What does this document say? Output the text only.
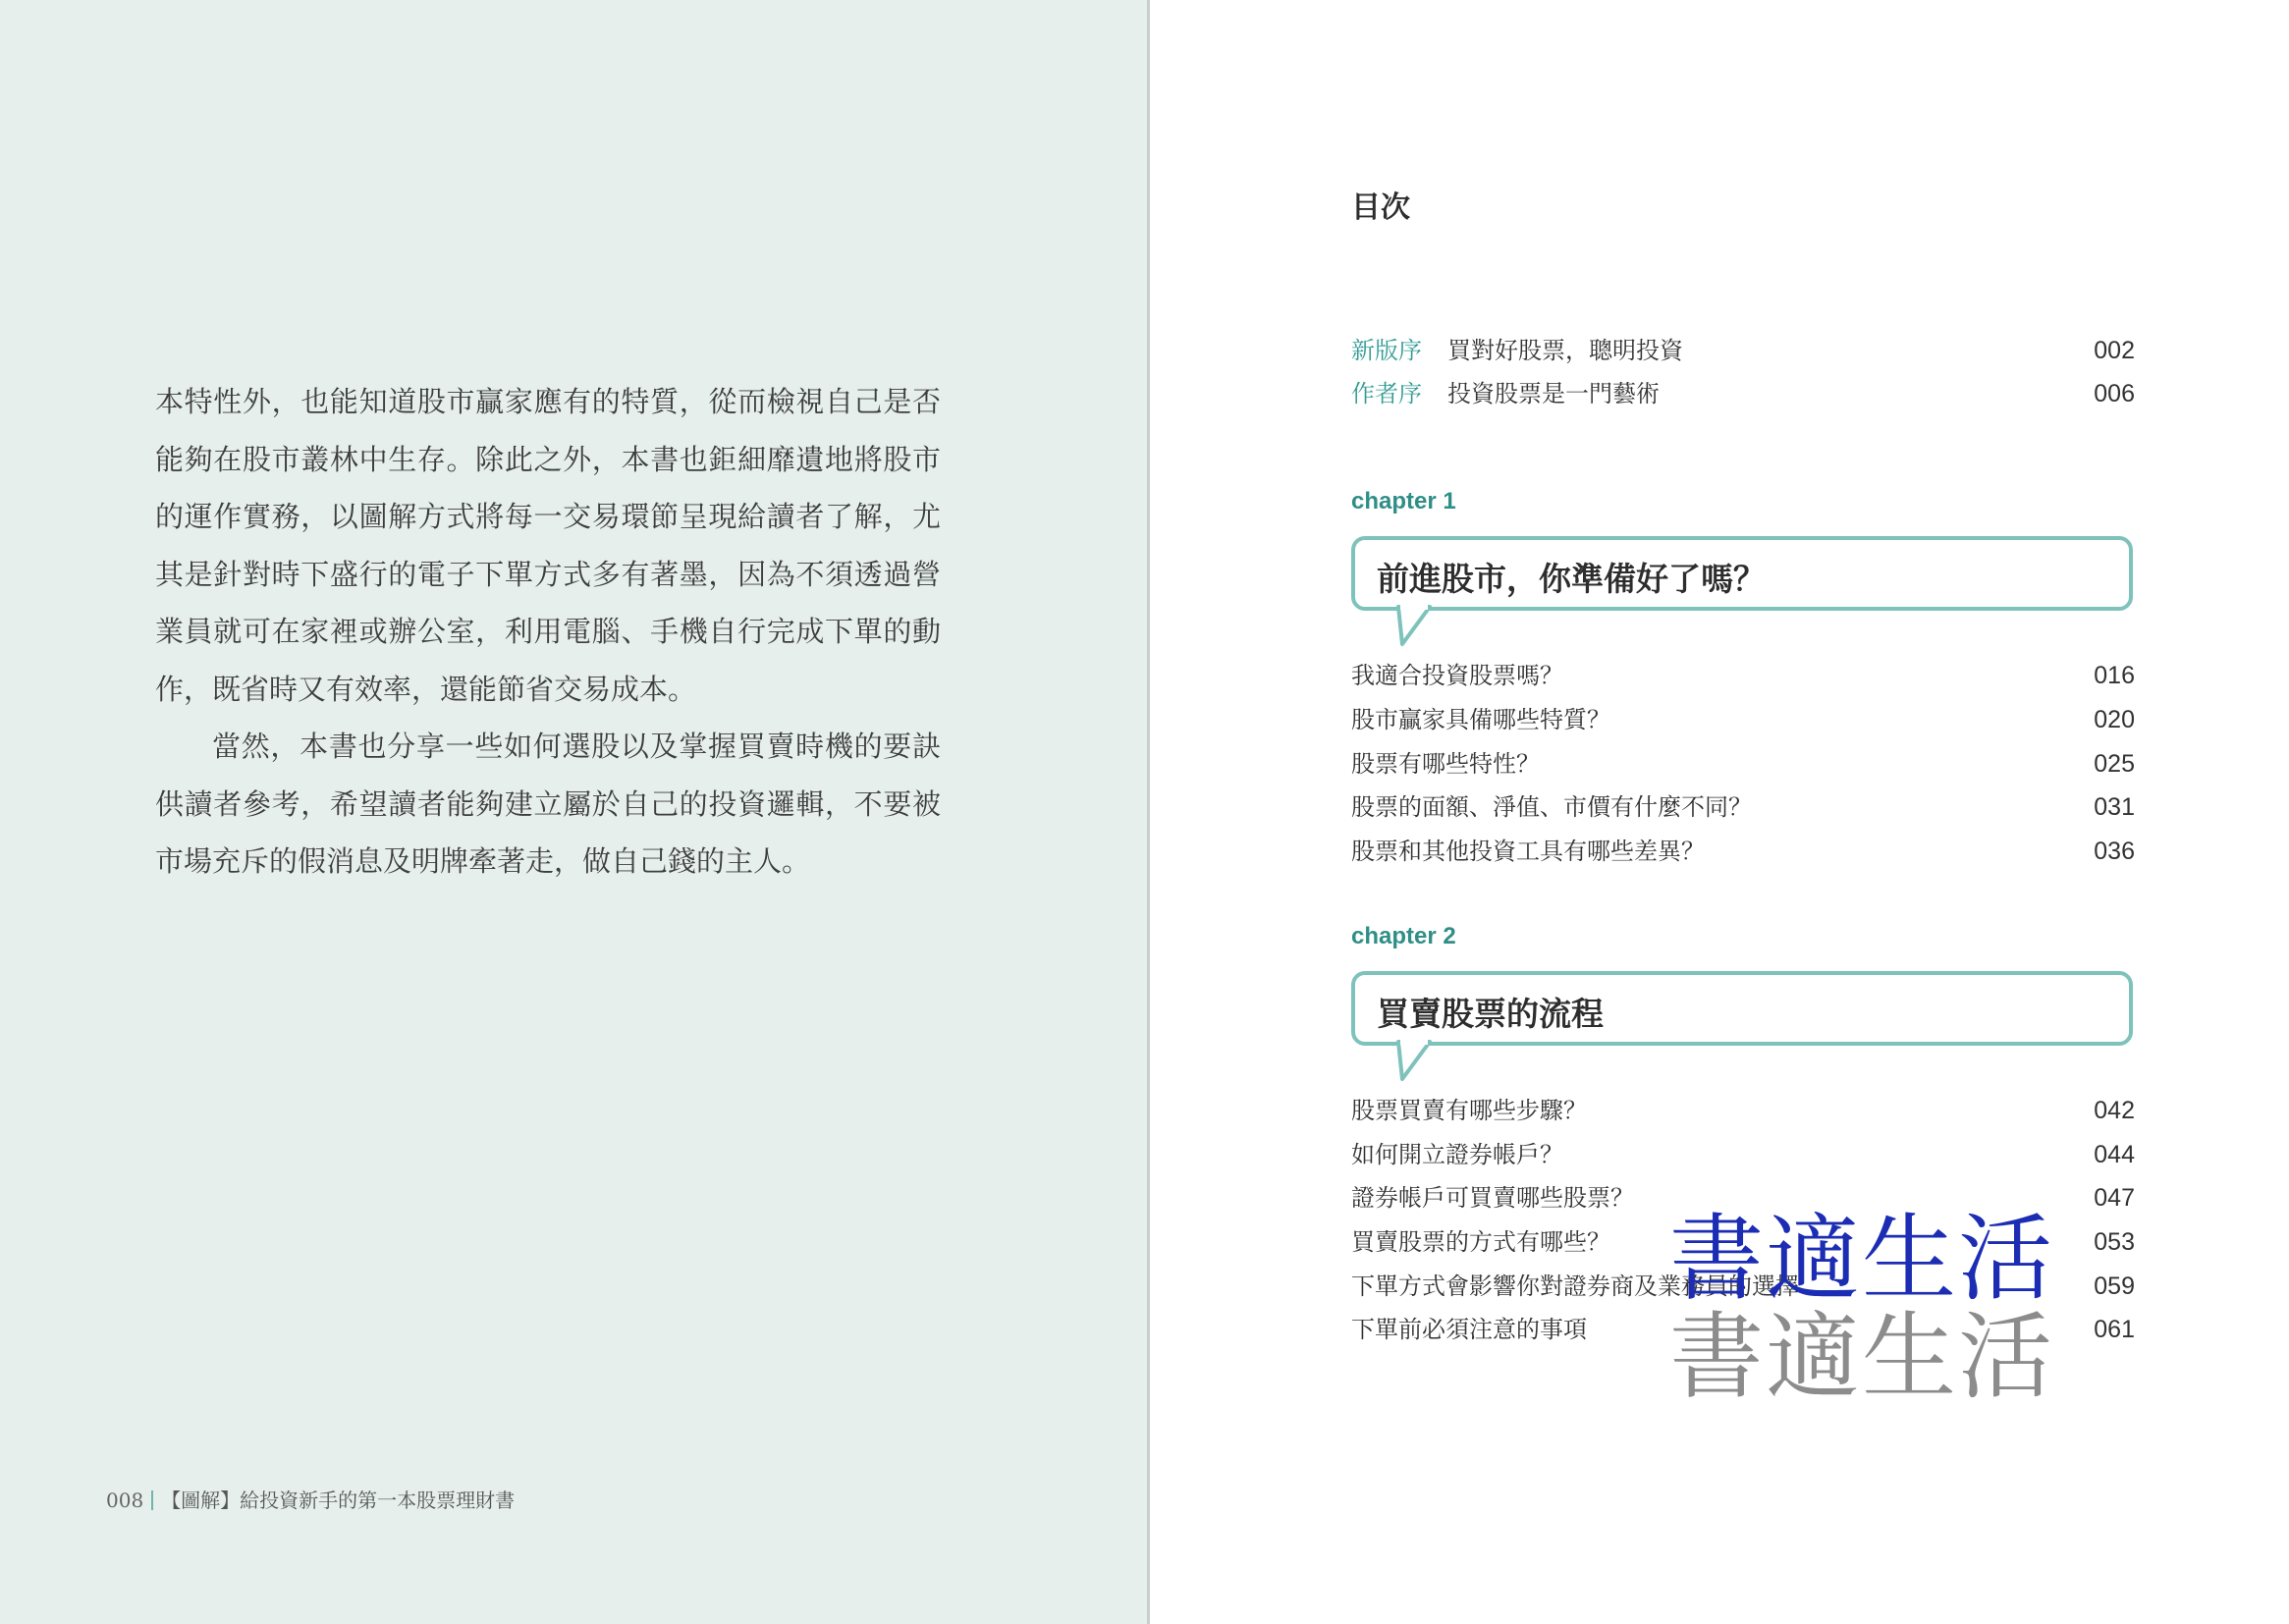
本特性外，也能知道股市贏家應有的特質，從而檢視自己是否能夠在股市叢林中生存。除此之外，本書也鉅細靡遺地將股市的運作實務，以圖解方式將每一交易環節呈現給讀者了解，尤其是針對時下盛行的電子下單方式多有著墨，因為不須透過營業員就可在家裡或辦公室，利用電腦、手機自行完成下單的動作，既省時又有效率，還能節省交易成本。

當然，本書也分享一些如何選股以及掌握買賣時機的要訣供讀者參考，希望讀者能夠建立屬於自己的投資邏輯，不要被市場充斥的假消息及明牌牽著走，做自己錢的主人。

008 【圖解】給投資新手的第一本股票理財書
目次
新版序 買對好股票，聰明投資	002
作者序 投資股票是一門藝術	006
chapter 1
前進股市，你準備好了嗎？
我適合投資股票嗎？	016
股市贏家具備哪些特質？	020
股票有哪些特性？	025
股票的面額、淨值、市價有什麼不同？	031
股票和其他投資工具有哪些差異？	036
chapter 2
買賣股票的流程
股票買賣有哪些步驟？	042
如何開立證券帳戶？	044
證券帳戶可買賣哪些股票？	047
買賣股票的方式有哪些？	053
下單方式會影響你對證券商及業務員的選擇	059
下單前必須注意的事項	061
書適生活
書適生活
